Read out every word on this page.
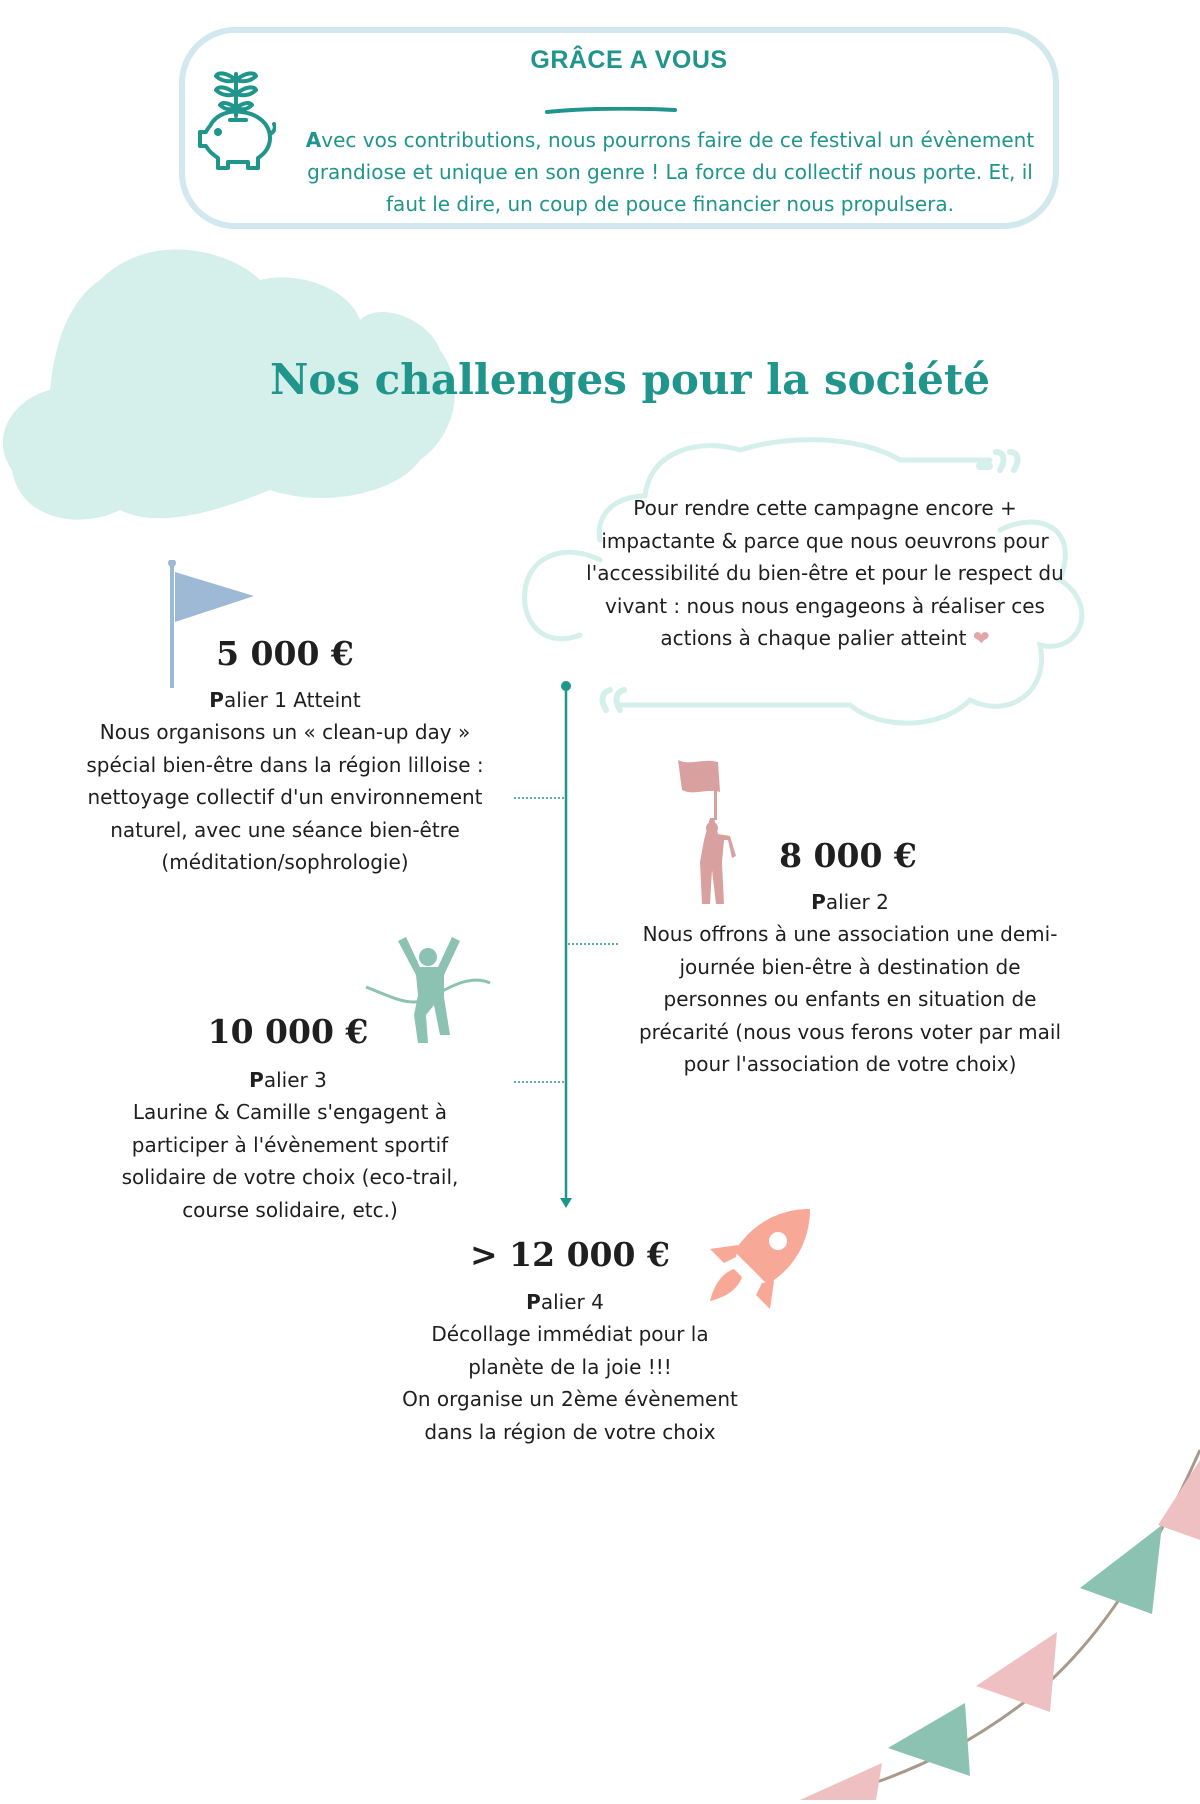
GRÂCE A VOUS
Avec vos contributions, nous pourrons faire de ce festival un évènement grandiose et unique en son genre ! La force du collectif nous porte. Et, il faut le dire, un coup de pouce financier nous propulsera.
Nos challenges pour la société
Pour rendre cette campagne encore + impactante & parce que nous oeuvrons pour l'accessibilité du bien-être et pour le respect du vivant : nous nous engageons à réaliser ces actions à chaque palier atteint ❤
5 000 €
Palier 1 Atteint
Nous organisons un « clean-up day » spécial bien-être dans la région lilloise : nettoyage collectif d'un environnement naturel, avec une séance bien-être (méditation/sophrologie)	8 000 €
Palier 2
Nous offrons à une association une demi-journée bien-être à destination de personnes ou enfants en situation de précarité (nous vous ferons voter par mail pour l'association de votre choix)
10 000 €
Palier 3
Laurine & Camille s'engagent à participer à l'évènement sportif solidaire de votre choix (eco-trail, course solidaire, etc.)
> 12 000 €
Palier 4
Décollage immédiat pour la
planète de la joie !!!
On organise un 2ème évènement
dans la région de votre choix
